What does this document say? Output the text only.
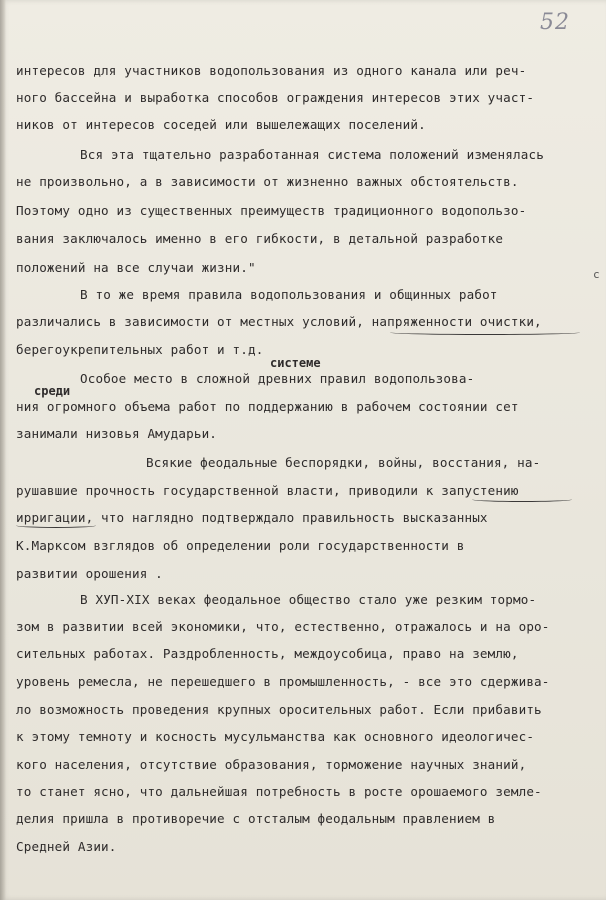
52
с
интересов для участников водопользования из одного канала или реч-
ного бассейна и выработка способов ограждения интересов этих участ-
ников от интересов соседей или вышележащих поселений.
Вся эта тщательно разработанная система положений изменялась
не произвольно, а в зависимости от жизненно важных обстоятельств.
Поэтому одно из существенных преимуществ традиционного водопользо-
вания заключалось именно в его гибкости, в детальной разработке
положений на все случаи жизни."
В то же время правила водопользования и общинных работ
различались в зависимости от местных условий, напряженности очистки,
берегоукрепительных работ и т.д.
системе
Особое место в сложной древних правил водопользова-
среди
ния огромного объема работ по поддержанию в рабочем состоянии сет
занимали низовья Амударьи.
Всякие феодальные беспорядки, войны, восстания, на-
рушавшие прочность государственной власти, приводили к запустению
ирригации, что наглядно подтверждало правильность высказанных
К.Марксом взглядов об определении роли государственности в
развитии орошения .
В ХУП-XIX веках феодальное общество стало уже резким тормо-
зом в развитии всей экономики, что, естественно, отражалось и на оро-
сительных работах. Раздробленность, междоусобица, право на землю,
уровень ремесла, не перешедшего в промышленность, - все это сдержива-
ло возможность проведения крупных оросительных работ. Если прибавить
к этому темноту и косность мусульманства как основного идеологичес-
кого населения, отсутствие образования, торможение научных знаний,
то станет ясно, что дальнейшая потребность в росте орошаемого земле-
делия пришла в противоречие с отсталым феодальным правлением в
Средней Азии.
